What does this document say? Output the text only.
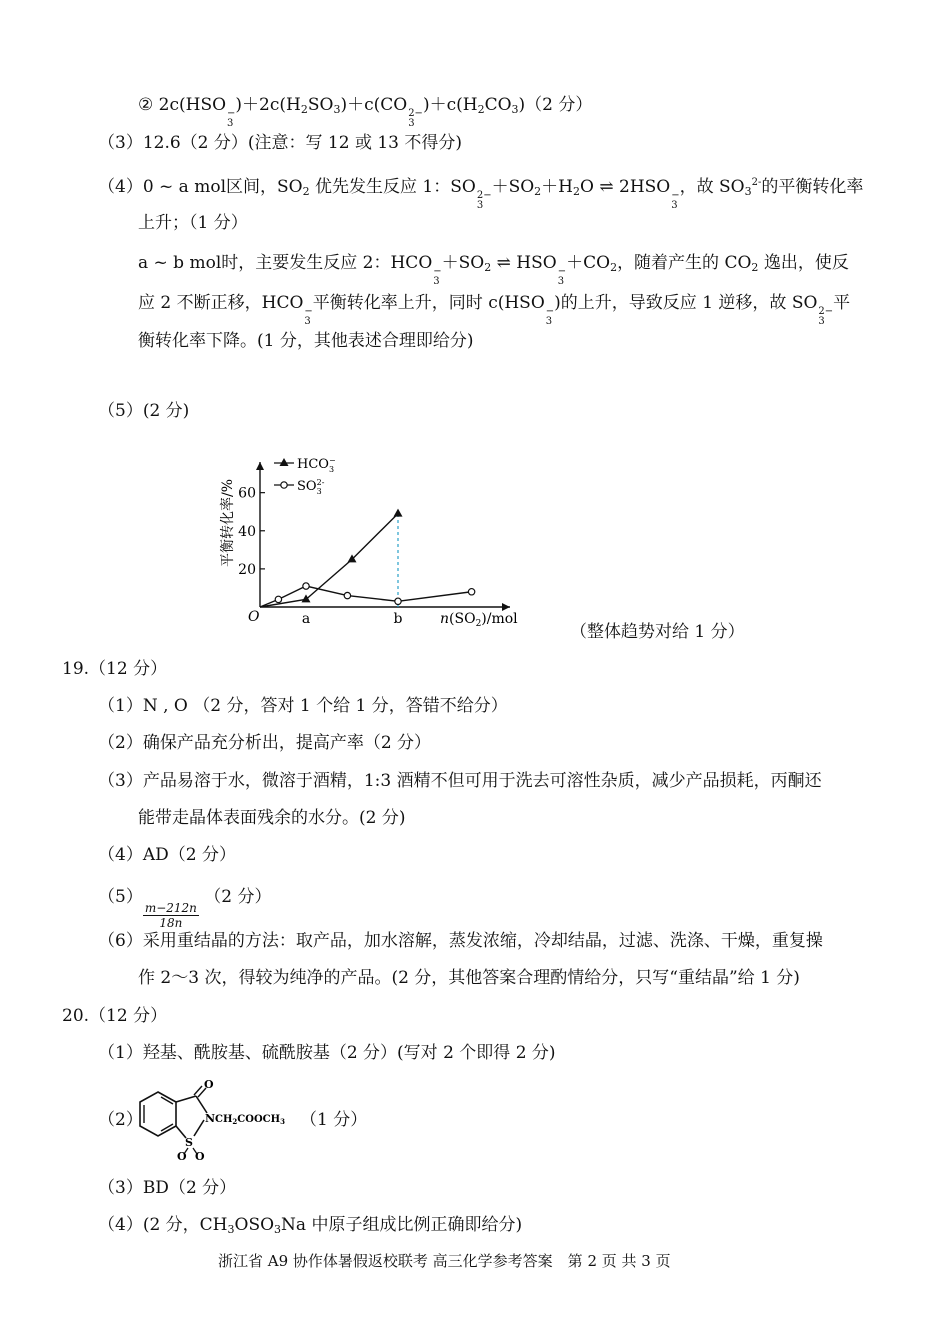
② 2c(HSO −
3
)$+2c(H_2SO_3)+c(CO$ 2−
3
)$+c(H_2CO_3)(2$ 分）
（3）12.6（2 分）(注意：写 12 或 13 不得分)
（4）0 ~ a mol区间，$SO_2$ 优先发生反应 1：SO 2−
3
$+SO_2+H_2O$ ⇌ 2HSO −
3
，故 $SO_3^{2-}$的平衡转化率
上升；（1 分）
a ~ b mol时，主要发生反应 2：HCO −
3
$+SO_2$ ⇌ HSO −
3
$+CO_2$，随着产生的 $CO_2$ 逸出，使反
应 2 不断正移，HCO −
3
平衡转化率上升，同时 c(HSO −
3
)的上升，导致反应 1 逆移，故 SO 2−
3
平
衡转化率下降。(1 分，其他表述合理即给分)
（5）(2 分)
O
20
40
60
a	b	$n(SO_2)$/mol
平衡转化率/%
$HCO_3-$
$SO_32-$
（整体趋势对给 1 分）
19.（12 分）
（1）N , O （2 分，答对 1 个给 1 分，答错不给分）
（2）确保产品充分析出，提高产率（2 分）
（3）产品易溶于水，微溶于酒精，1:3 酒精不但可用于洗去可溶性杂质，减少产品损耗，丙酮还
能带走晶体表面残余的水分。(2 分)
（4）AD（2 分）
（5）
$\frac{m-212n}{18n}$
（2 分）
（6）采用重结晶的方法：取产品，加水溶解，蒸发浓缩，冷却结晶，过滤、洗涤、干燥，重复操
作 2～3 次，得较为纯净的产品。(2 分，其他答案合理酌情给分，只写“重结晶”给 1 分)
20.（12 分）
（1）羟基、酰胺基、硫酰胺基（2 分）(写对 2 个即得 2 分)
（2）
O
N $CH_2COOCH_3$
S
O O
（1 分）
（3）BD（2 分）
（4）(2 分，$CH_3OSO_3Na$ 中原子组成比例正确即给分)
浙江省 A9 协作体暑假返校联考 高三化学参考答案　第 2 页 共 3 页
